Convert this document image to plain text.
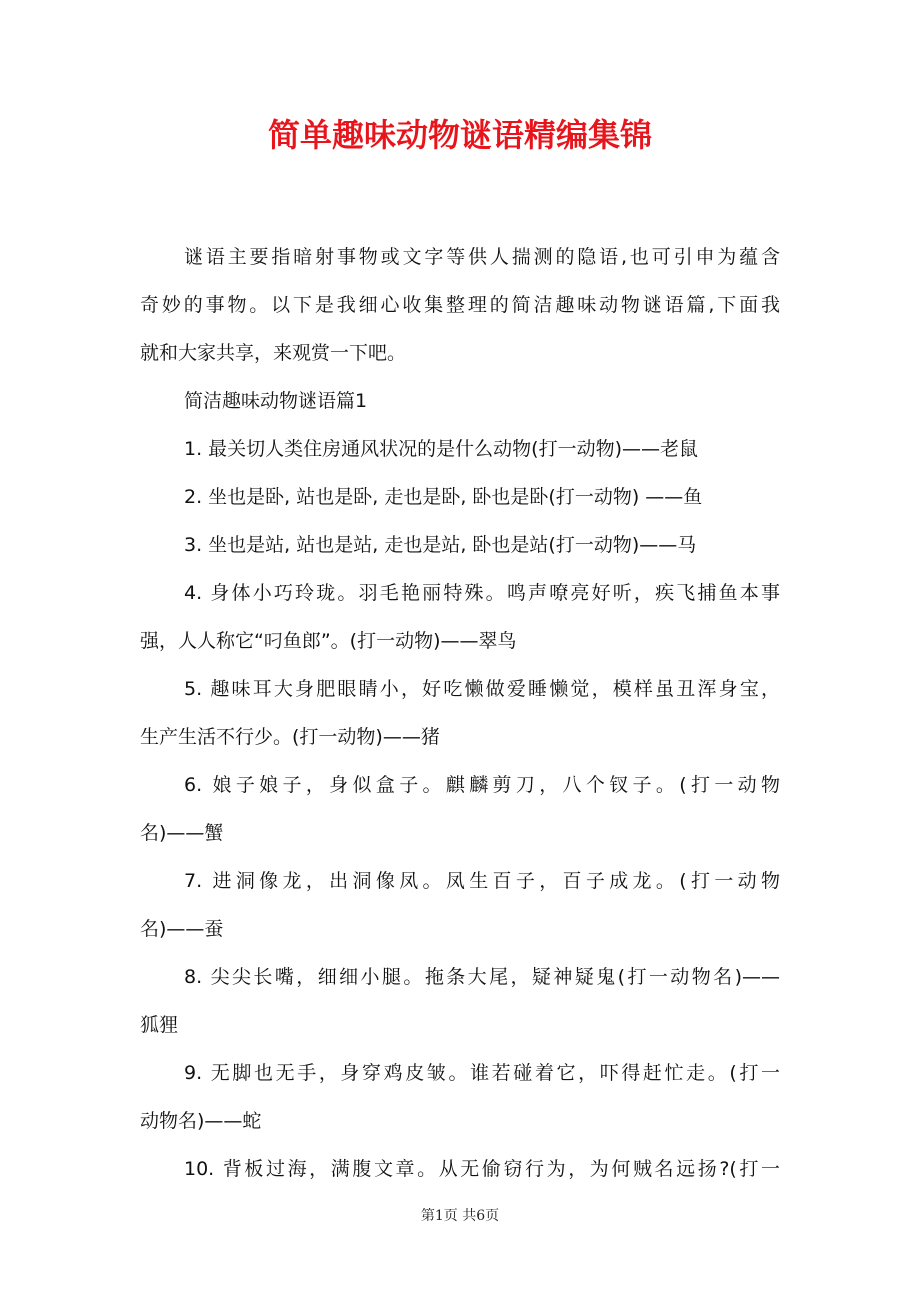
简单趣味动物谜语精编集锦
谜语主要指暗射事物或文字等供人揣测的隐语,也可引申为蕴含
奇妙的事物。以下是我细心收集整理的简洁趣味动物谜语篇,下面我
就和大家共享，来观赏一下吧。
简洁趣味动物谜语篇1
1. 最关切人类住房通风状况的是什么动物(打一动物)——老鼠
2. 坐也是卧, 站也是卧, 走也是卧, 卧也是卧(打一动物) ——鱼
3. 坐也是站, 站也是站, 走也是站, 卧也是站(打一动物)——马
4. 身体小巧玲珑。羽毛艳丽特殊。鸣声嘹亮好听，疾飞捕鱼本事
强，人人称它“叼鱼郎”。(打一动物)——翠鸟
5. 趣味耳大身肥眼睛小，好吃懒做爱睡懒觉，模样虽丑浑身宝，
生产生活不行少。(打一动物)——猪
6. 娘子娘子，身似盒子。麒麟剪刀，八个钗子。(打一动物
名)——蟹
7. 进洞像龙，出洞像凤。凤生百子，百子成龙。(打一动物
名)——蚕
8. 尖尖长嘴，细细小腿。拖条大尾，疑神疑鬼(打一动物名)——
狐狸
9. 无脚也无手，身穿鸡皮皱。谁若碰着它，吓得赶忙走。(打一
动物名)——蛇
10. 背板过海，满腹文章。从无偷窃行为，为何贼名远扬?(打一
第1页 共6页
